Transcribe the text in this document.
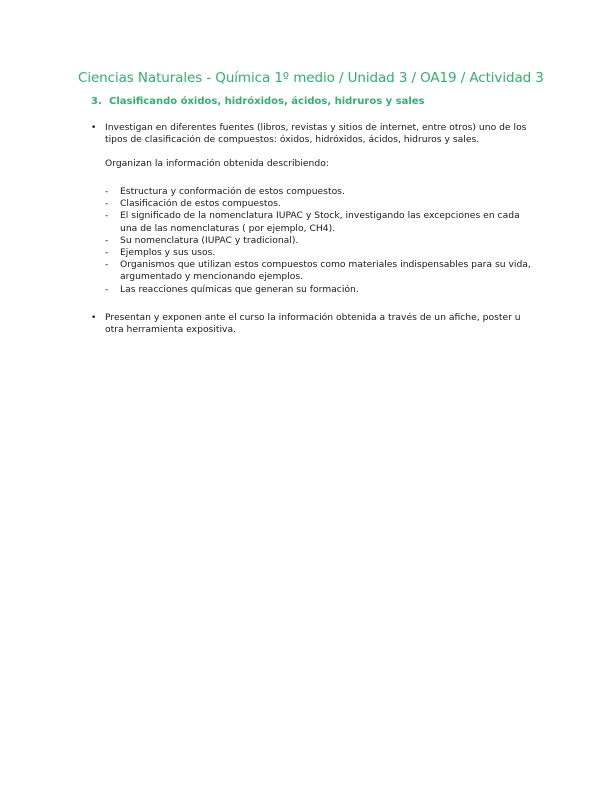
Ciencias Naturales - Química 1º medio / Unidad 3 / OA19 / Actividad 3
3. Clasificando óxidos, hidróxidos, ácidos, hidruros y sales
• Investigan en diferentes fuentes (libros, revistas y sitios de internet, entre otros) uno de los tipos de clasificación de compuestos: óxidos, hidróxidos, ácidos, hidruros y sales.
Organizan la información obtenida describiendo:
- Estructura y conformación de estos compuestos.
- Clasificación de estos compuestos.
- El significado de la nomenclatura IUPAC y Stock, investigando las excepciones en cada una de las nomenclaturas ( por ejemplo, CH4).
- Su nomenclatura (IUPAC y tradicional).
- Ejemplos y sus usos.
- Organismos que utilizan estos compuestos como materiales indispensables para su vida, argumentado y mencionando ejemplos.
- Las reacciones químicas que generan su formación.
• Presentan y exponen ante el curso la información obtenida a través de un afiche, poster u otra herramienta expositiva.
